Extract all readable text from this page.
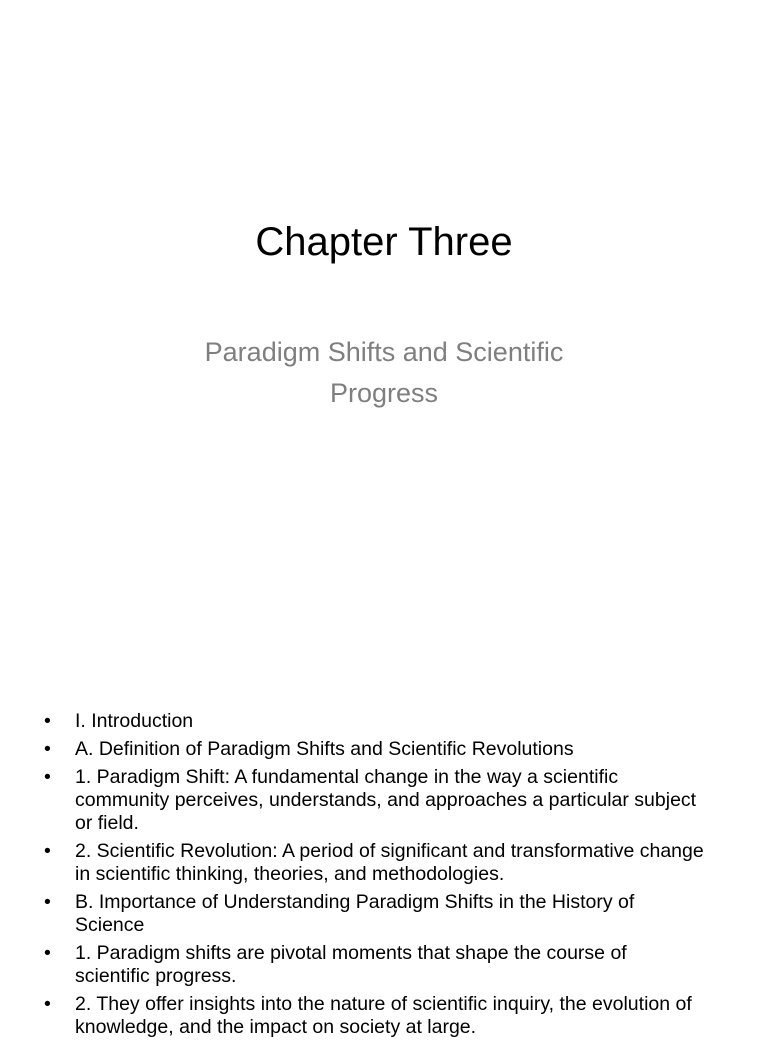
Chapter Three

Paradigm Shifts and Scientific Progress

• I. Introduction
• A. Definition of Paradigm Shifts and Scientific Revolutions
• 1. Paradigm Shift: A fundamental change in the way a scientific community perceives, understands, and approaches a particular subject or field.
• 2. Scientific Revolution: A period of significant and transformative change in scientific thinking, theories, and methodologies.
• B. Importance of Understanding Paradigm Shifts in the History of Science
• 1. Paradigm shifts are pivotal moments that shape the course of scientific progress.
• 2. They offer insights into the nature of scientific inquiry, the evolution of knowledge, and the impact on society at large.
